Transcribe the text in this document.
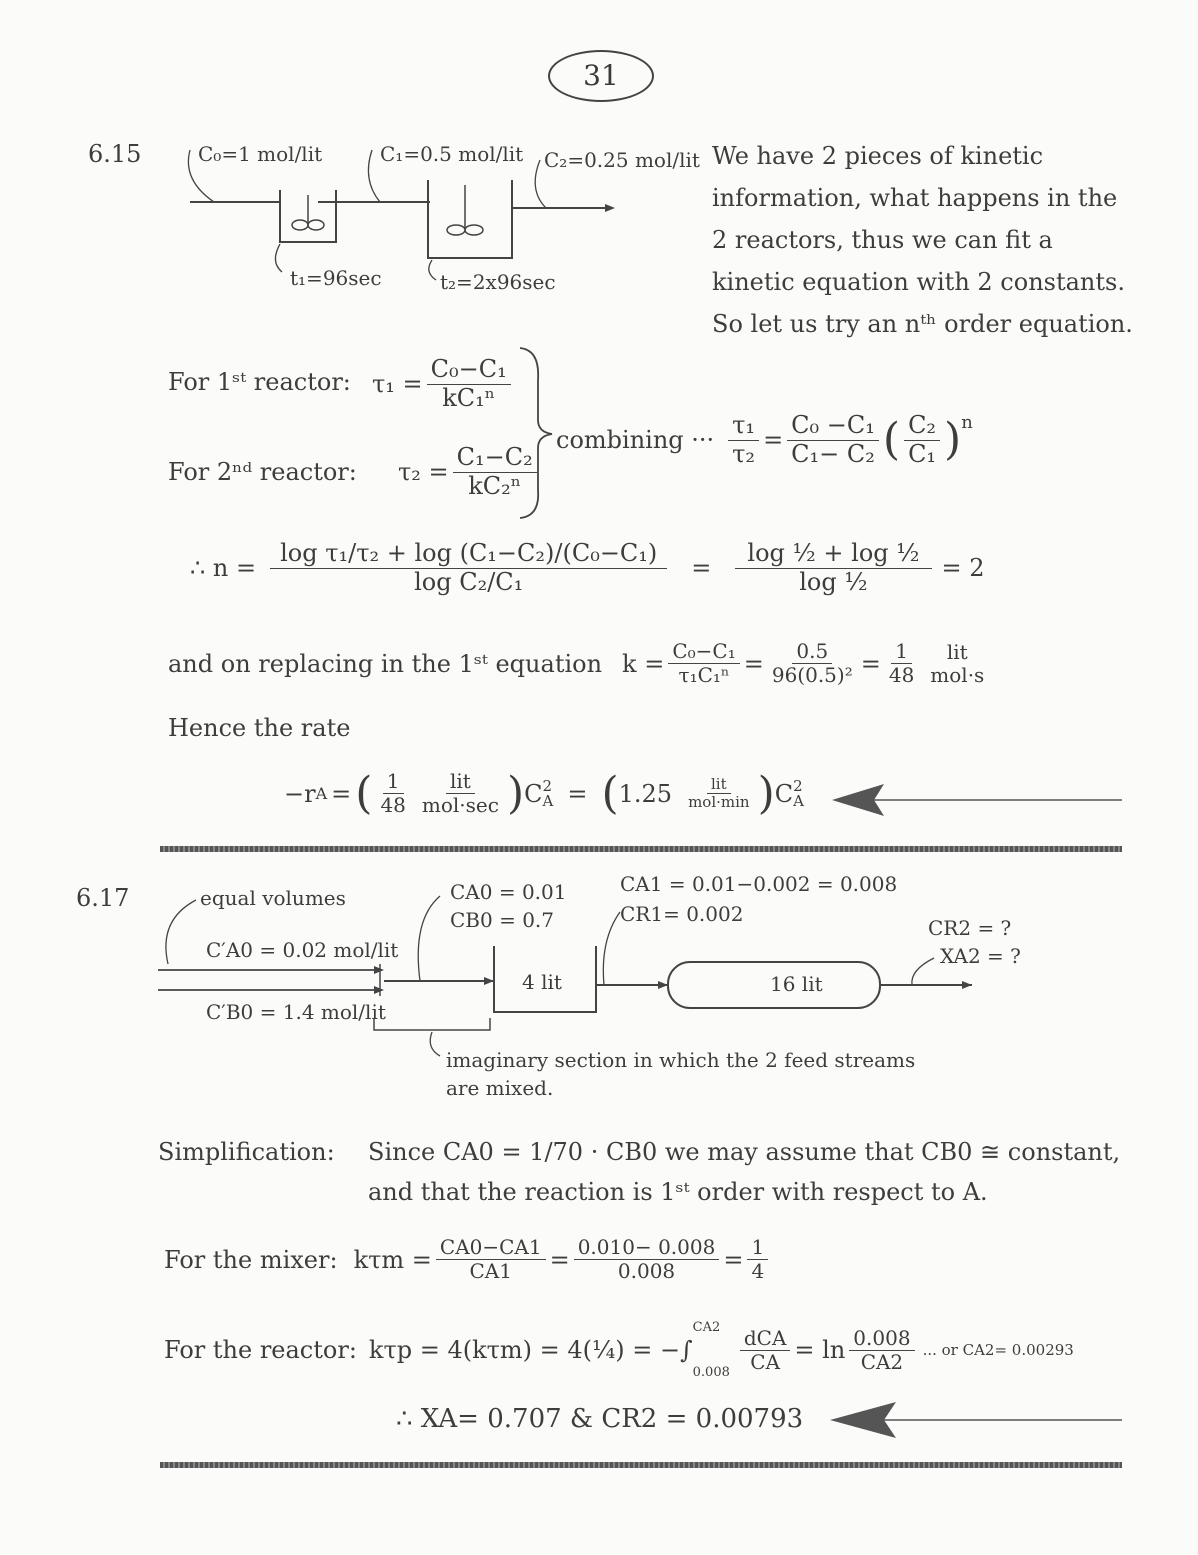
31
6.15	C₀=1 mol/lit	C₁=0.5 mol/lit C₂=0.25 mol/lit
t₁=96sec	t₂=2x96sec
We have 2 pieces of kinetic
information, what happens in the
2 reactors, thus we can fit a
kinetic equation with 2 constants.
So let us try an nᵗʰ order equation.
For 1ˢᵗ reactor: $\tau_1 = \frac{\text{C₀−C₁}}{\text{kC₁ⁿ}}$
For 2ⁿᵈ reactor: $\tau_2 = \frac{\text{C₁−C₂}}{\text{kC₂ⁿ}}$
combining ··· $\frac{\text{τ₁}}{\text{τ₂}} = \frac{\text{C₀ −C₁}}{\text{C₁− C₂}}$ ( $\frac{\text{C₂}}{\text{C₁}} )^n$
∴ $n = \frac{\text{log τ₁/τ₂ + log (C₁−C₂)/(C₀−C₁)}}{\text{log C₂/C₁}} = \frac{\text{log ½ + log ½}}{\text{log ½}} = 2$
and on replacing in the 1ˢᵗ equation $k = \frac{\text{C₀−C₁}}{\text{τ₁C₁ⁿ}} = \frac{0.5}{\text{96(0.5)²}} = \frac{1}{48}$ lit
mol·s
Hence the rate
−r A = ( $\frac{1}{48} \frac{\text{lit}}{\text{mol·sec}}$ ) C 2
A = ( $1.25 \frac{\text{lit}}{\text{mol·min}}$ ) C 2
A
6.17	equal volumes
C′A0 = 0.02 mol/lit
C′B0 = 1.4 mol/lit
CA0 = 0.01
CB0 = 0.7
4 lit
CA1 = 0.01−0.002 = 0.008
CR1= 0.002
16 lit
CR2 = ?
XA2 = ?
imaginary section in which the 2 feed streams
are mixed.
Simplification: Since CA0 = 1/70 · CB0 we may assume that CB0 ≅ constant,
and that the reaction is 1ˢᵗ order with respect to A.
For the mixer: $k\tau m = \frac{CA0-CA1}{CA1} = \frac{0.010- 0.008}{0.008} = \frac{1}{4}$
For the reactor: kτp = 4(kτm) = 4(¼) = −∫
CA2
$0.008 \frac{\text{dCA}}{CA} = \ln \frac{0.008}{CA2}$ ... or CA2= 0.00293
∴ XA= 0.707 & CR2 = 0.00793
